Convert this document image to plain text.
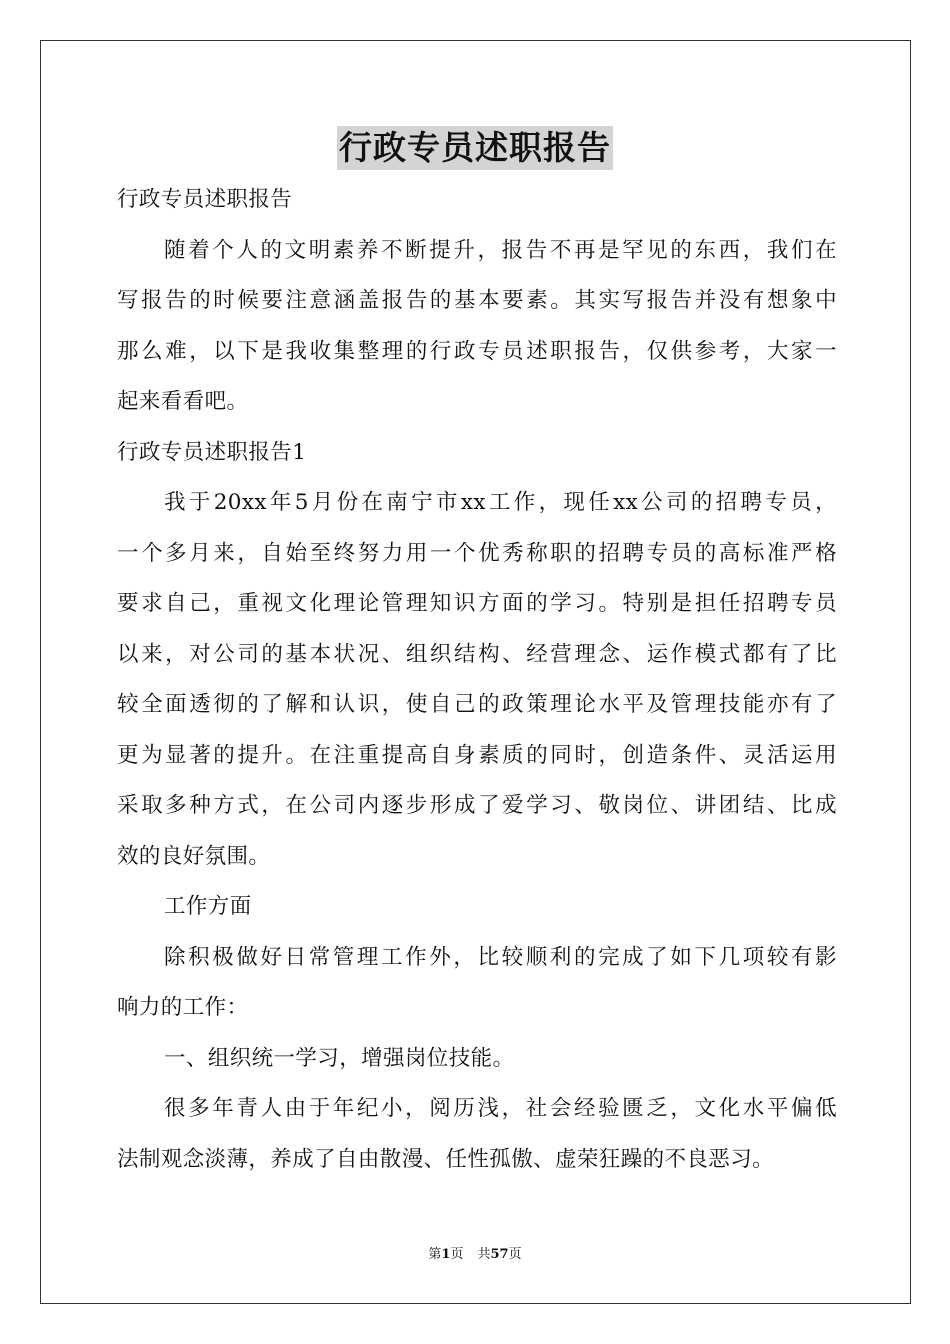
行政专员述职报告
行政专员述职报告
随着个人的文明素养不断提升，报告不再是罕见的东西，我们在
写报告的时候要注意涵盖报告的基本要素。其实写报告并没有想象中
那么难，以下是我收集整理的行政专员述职报告，仅供参考，大家一
起来看看吧。
行政专员述职报告1
我于20xx年5月份在南宁市xx工作，现任xx公司的招聘专员，
一个多月来，自始至终努力用一个优秀称职的招聘专员的高标准严格
要求自己，重视文化理论管理知识方面的学习。特别是担任招聘专员
以来，对公司的基本状况、组织结构、经营理念、运作模式都有了比
较全面透彻的了解和认识，使自己的政策理论水平及管理技能亦有了
更为显著的提升。在注重提高自身素质的同时，创造条件、灵活运用
采取多种方式，在公司内逐步形成了爱学习、敬岗位、讲团结、比成
效的良好氛围。
工作方面
除积极做好日常管理工作外，比较顺利的完成了如下几项较有影
响力的工作：
一、组织统一学习，增强岗位技能。
很多年青人由于年纪小，阅历浅，社会经验匮乏，文化水平偏低
法制观念淡薄，养成了自由散漫、任性孤傲、虚荣狂躁的不良恶习。
第1页 共57页
